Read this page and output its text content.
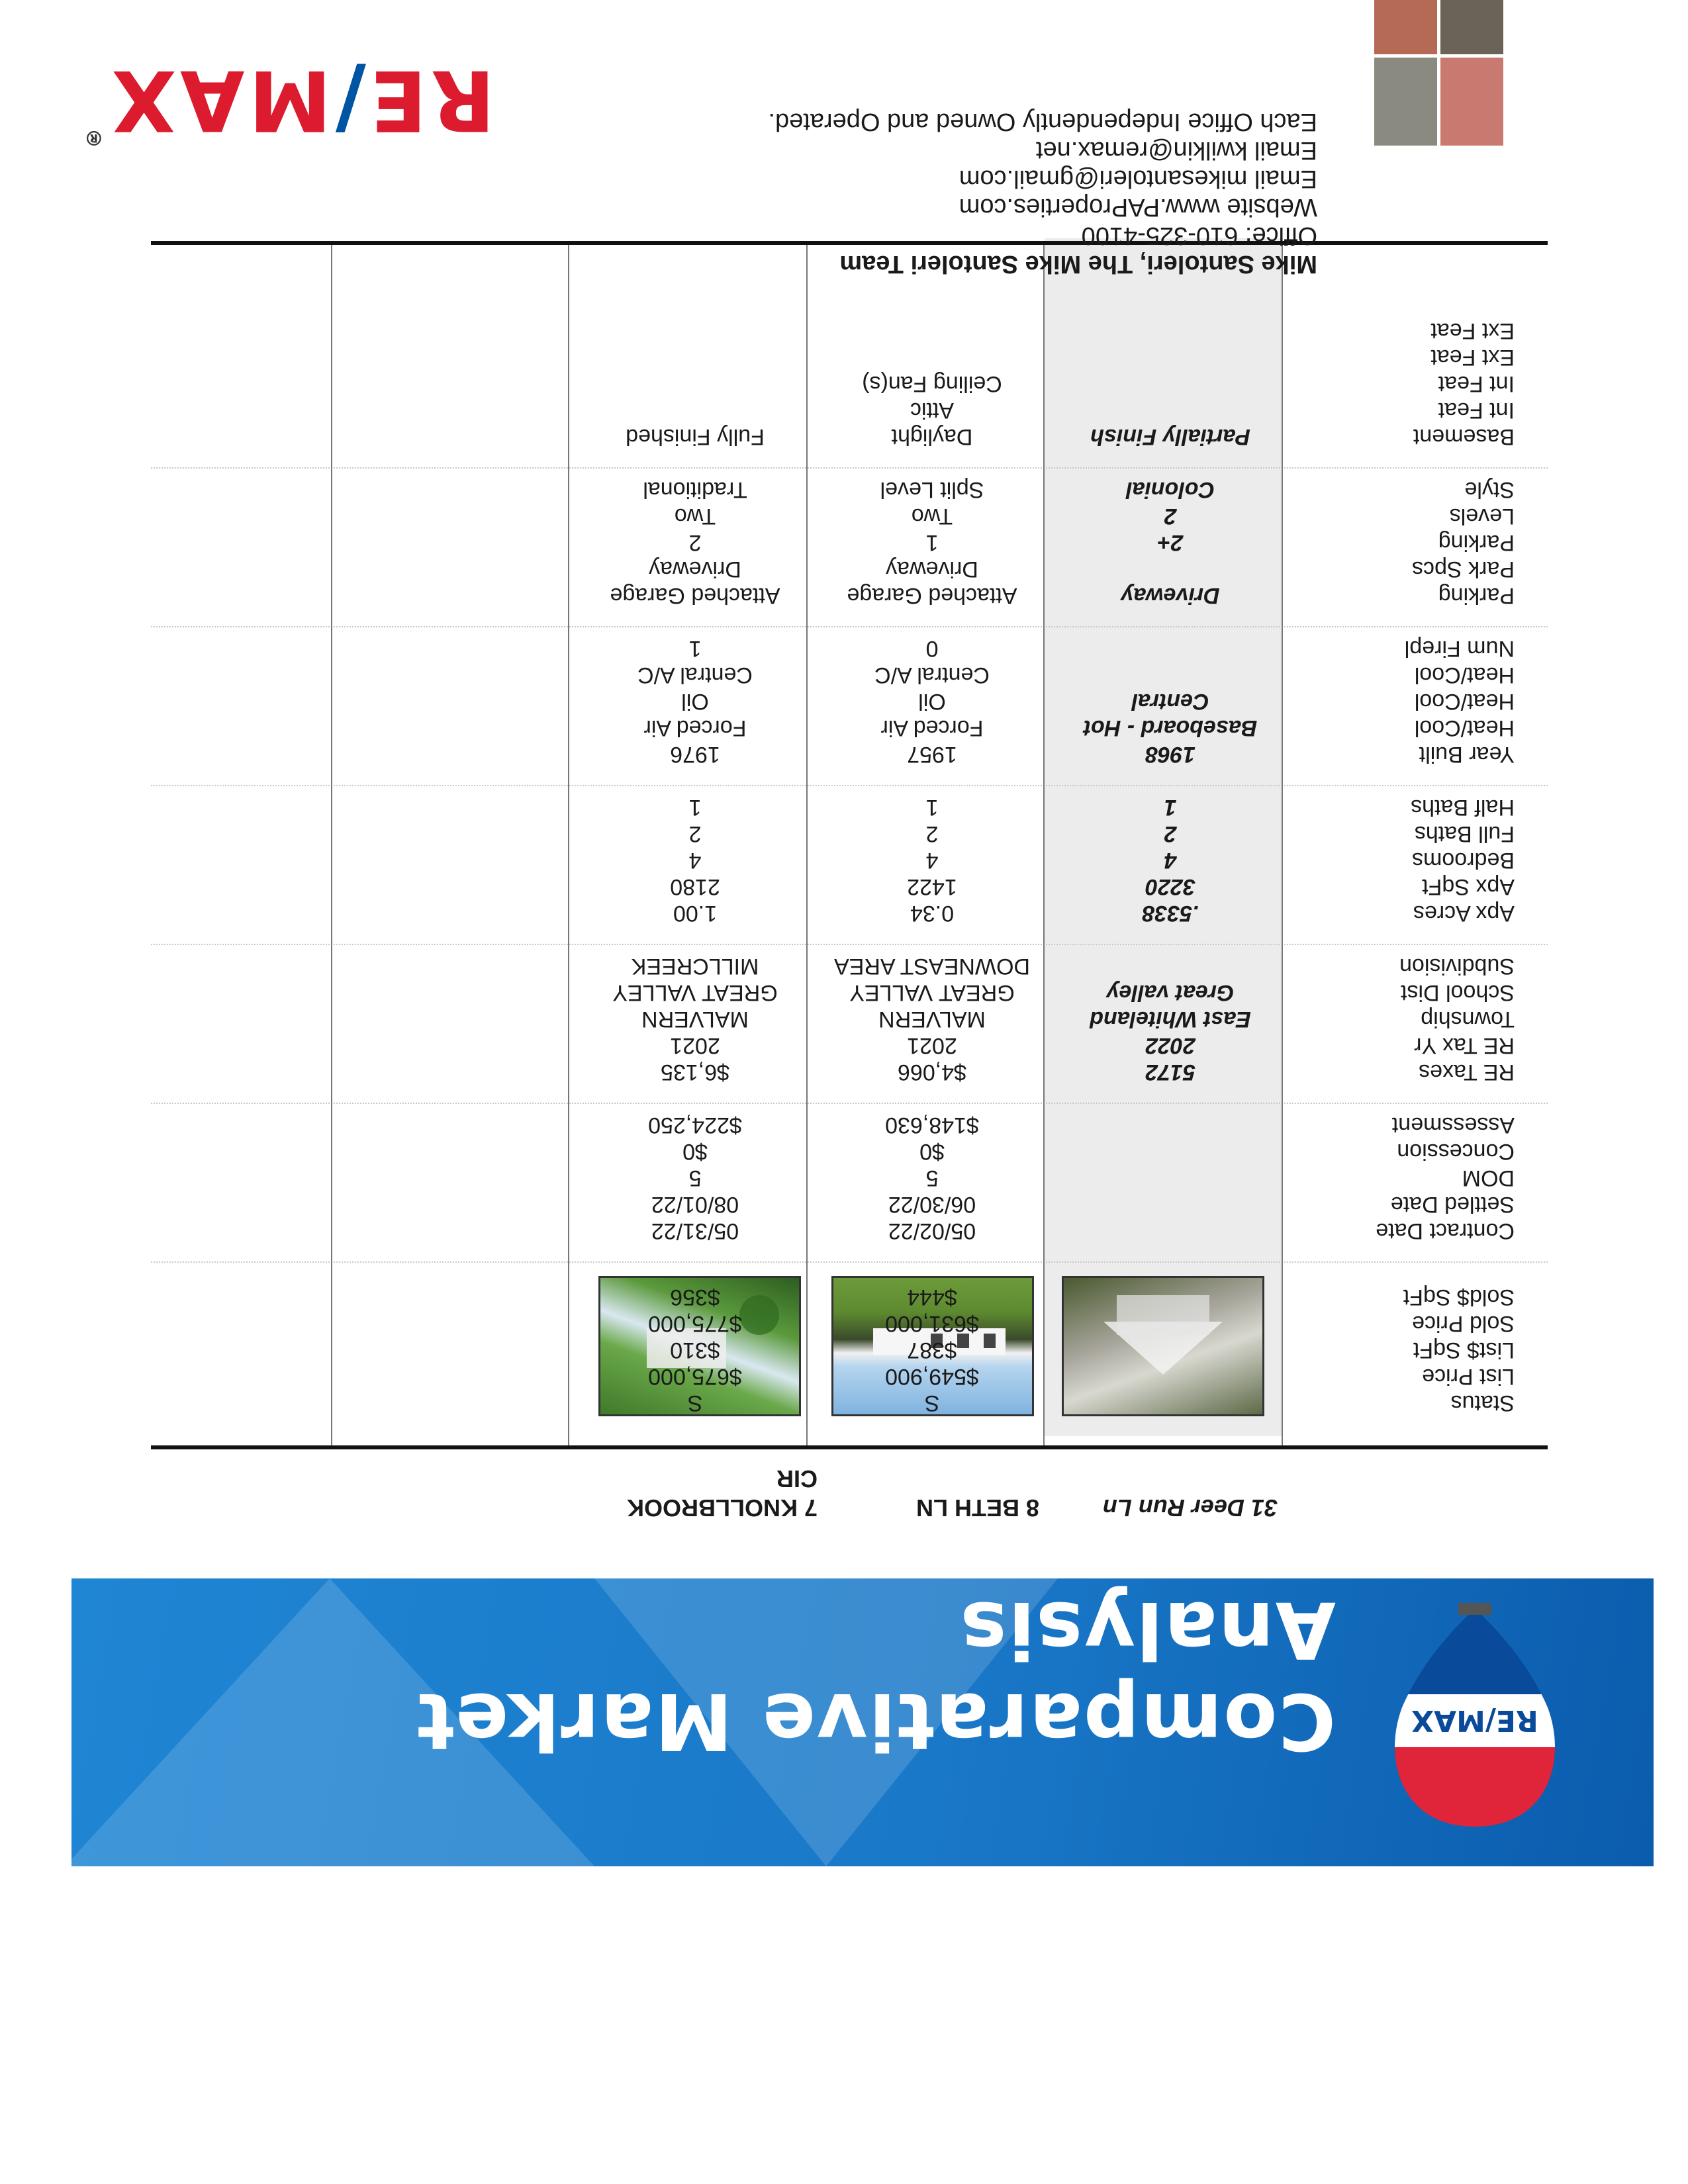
RE/MAX
Comparative Market Analysis
31 Deer Run Ln
8 BETH LN
7 KNOLLBROOK
CIR
Status
List Price
List$ SqFt
Sold Price
Sold$ SqFt
S
$549,900
$387
$631,000
$444
S
$675,000
$310
$775,000
$356
Contract Date
Settled Date
DOM
Concession
Assessment
05/02/22
06/30/22
5
$0
$148,630
05/31/22
08/01/22
5
$0
$224,250
RE Taxes
RE Tax Yr
Township
School Dist
Subdivision
5172
2022
East Whiteland
Great valley
$4,066
2021
MALVERN
GREAT VALLEY
DOWNEAST AREA
$6,135
2021
MALVERN
GREAT VALLEY
MILLCREEK
Apx Acres
Apx SqFt
Bedrooms
Full Baths
Half Baths
.5338
3220
4
2
1
0.34
1422
4
2
1
1.00
2180
4
2
1
Year Built
Heat/Cool
Heat/Cool
Heat/Cool
Num Firepl
1968
Baseboard - Hot
Central
1957
Forced Air
Oil
Central A/C
0
1976
Forced Air
Oil
Central A/C
1
Parking
Park Spcs
Parking
Levels
Style
Driveway

2+
2
Colonial
Attached Garage
Driveway
1
Two
Split Level
Attached Garage
Driveway
2
Two
Traditional
Basement
Int Feat
Int Feat
Ext Feat
Ext Feat
Partially Finish
Daylight
Attic
Ceiling Fan(s)
Fully Finished
Mike Santoleri, The Mike Santoleri Team
Office: 610-325-4100
Website www.PAProperties.com
Email mikesantoleri@gmail.com
Email kwilkin@remax.net
Each Office Independently Owned and Operated.
RE/MAX®
